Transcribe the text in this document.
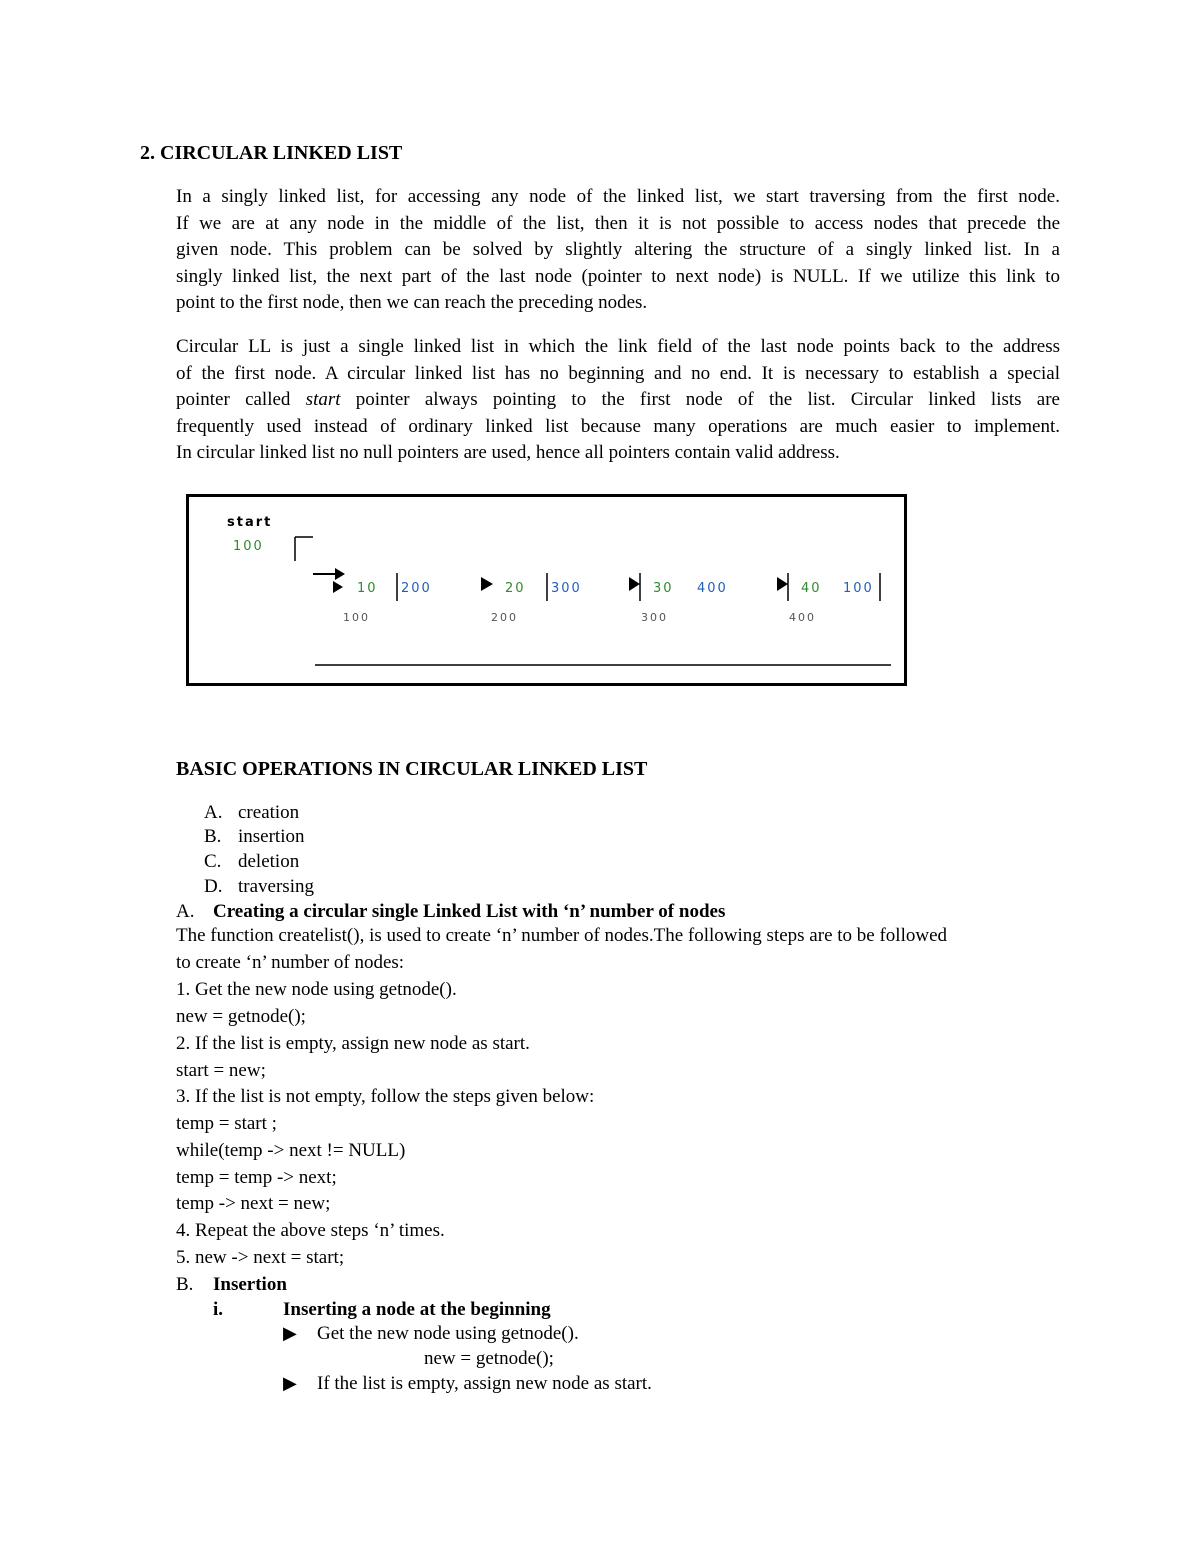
2. CIRCULAR LINKED LIST
In a singly linked list, for accessing any node of the linked list, we start traversing from the first node.
If we are at any node in the middle of the list, then it is not possible to access nodes that precede the
given node. This problem can be solved by slightly altering the structure of a singly linked list. In a
singly linked list, the next part of the last node (pointer to next node) is NULL. If we utilize this link to
point to the first node, then we can reach the preceding nodes.
Circular LL is just a single linked list in which the link field of the last node points back to the address
of the first node. A circular linked list has no beginning and no end. It is necessary to establish a special
pointer called start pointer always pointing to the first node of the list. Circular linked lists are
frequently used instead of ordinary linked list because many operations are much easier to implement.
In circular linked list no null pointers are used, hence all pointers contain valid address.
start
100
10 200
100
20 300
200
30 400
300
40 100
400
BASIC OPERATIONS IN CIRCULAR LINKED LIST
A. creation
B. insertion
C. deletion
D. traversing
A. Creating a circular single Linked List with ‘n’ number of nodes
The function createlist(), is used to create ‘n’ number of nodes.The following steps are to be followed
to create ‘n’ number of nodes:
1. Get the new node using getnode().
new = getnode();
2. If the list is empty, assign new node as start.
start = new;
3. If the list is not empty, follow the steps given below:
temp = start ;
while(temp -> next != NULL)
temp = temp -> next;
temp -> next = new;
4. Repeat the above steps ‘n’ times.
5. new -> next = start;
B. Insertion
i.	Inserting a node at the beginning
▶ Get the new node using getnode().
new = getnode();
▶ If the list is empty, assign new node as start.
